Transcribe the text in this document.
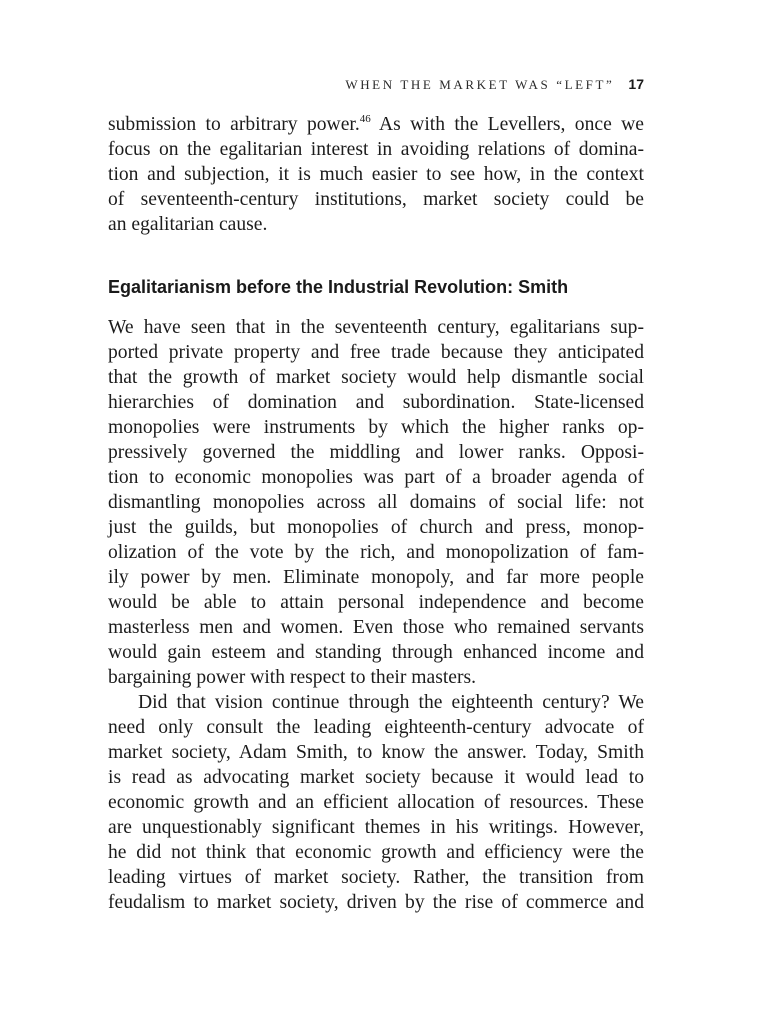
WHEN THE MARKET WAS “LEFT” 17
submission to arbitrary power.$^{46}$ As with the Levellers, once we
focus on the egalitarian interest in avoiding relations of domina-
tion and subjection, it is much easier to see how, in the context
of seventeenth-century institutions, market society could be
an egalitarian cause.
Egalitarianism before the Industrial Revolution: Smith
We have seen that in the seventeenth century, egalitarians sup-
ported private property and free trade because they anticipated
that the growth of market society would help dismantle social
hierarchies of domination and subordination. State-licensed
monopolies were instruments by which the higher ranks op-
pressively governed the middling and lower ranks. Opposi-
tion to economic monopolies was part of a broader agenda of
dismantling monopolies across all domains of social life: not
just the guilds, but monopolies of church and press, monop-
olization of the vote by the rich, and monopolization of fam-
ily power by men. Eliminate monopoly, and far more people
would be able to attain personal independence and become
masterless men and women. Even those who remained servants
would gain esteem and standing through enhanced income and
bargaining power with respect to their masters.
Did that vision continue through the eighteenth century? We
need only consult the leading eighteenth-century advocate of
market society, Adam Smith, to know the answer. Today, Smith
is read as advocating market society because it would lead to
economic growth and an efficient allocation of resources. These
are unquestionably significant themes in his writings. However,
he did not think that economic growth and efficiency were the
leading virtues of market society. Rather, the transition from
feudalism to market society, driven by the rise of commerce and
